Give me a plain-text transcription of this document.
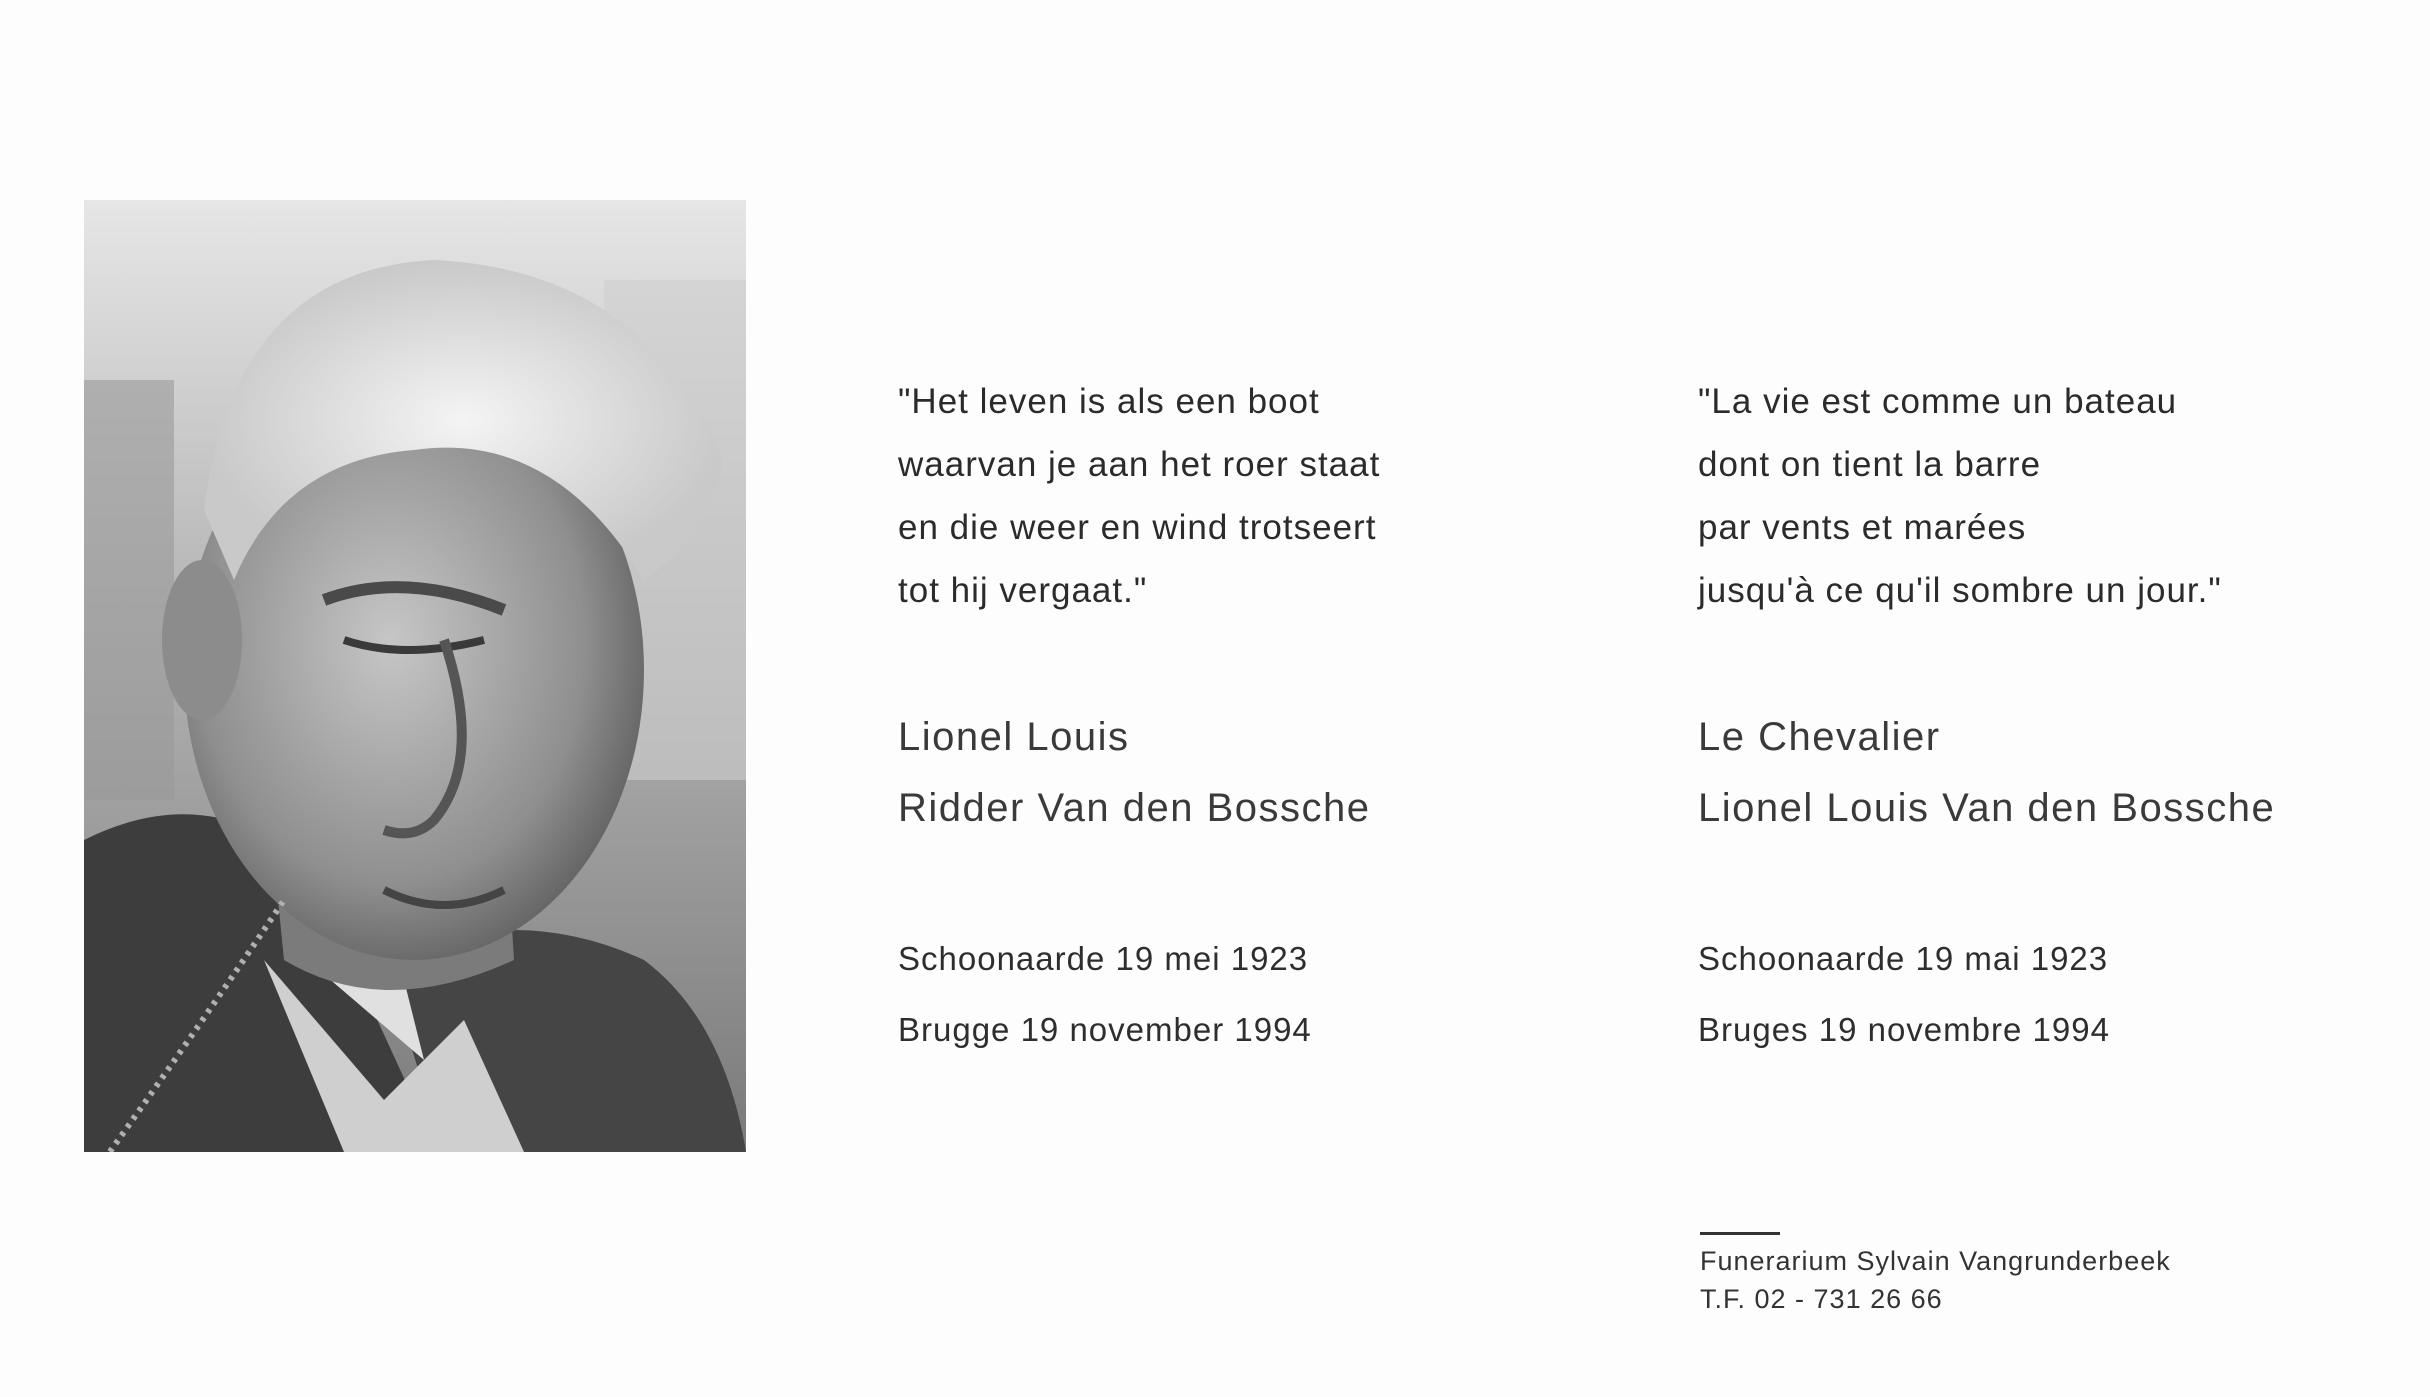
"Het leven is als een boot
waarvan je aan het roer staat
en die weer en wind trotseert
tot hij vergaat."
Lionel Louis
Ridder Van den Bossche
Schoonaarde 19 mei 1923
Brugge 19 november 1994
"La vie est comme un bateau
dont on tient la barre
par vents et marées
jusqu'à ce qu'il sombre un jour."
Le Chevalier
Lionel Louis Van den Bossche
Schoonaarde 19 mai 1923
Bruges 19 novembre 1994
Funerarium Sylvain Vangrunderbeek
T.F. 02 - 731 26 66
